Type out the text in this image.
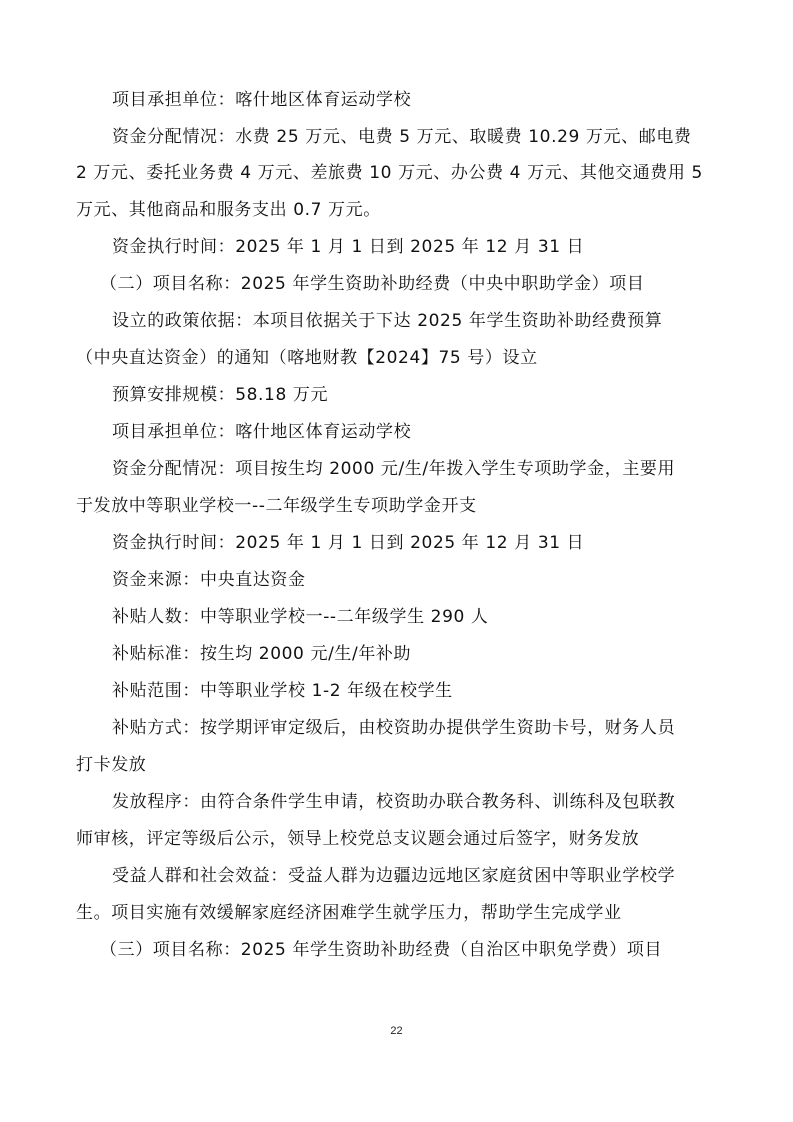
项目承担单位：喀什地区体育运动学校
资金分配情况：水费 25 万元、电费 5 万元、取暖费 10.29 万元、邮电费
2 万元、委托业务费 4 万元、差旅费 10 万元、办公费 4 万元、其他交通费用 5
万元、其他商品和服务支出 0.7 万元。
资金执行时间：2025 年 1 月 1 日到 2025 年 12 月 31 日
（二）项目名称：2025 年学生资助补助经费（中央中职助学金）项目
设立的政策依据：本项目依据关于下达 2025 年学生资助补助经费预算
（中央直达资金）的通知（喀地财教【2024】75 号）设立
预算安排规模：58.18 万元
项目承担单位：喀什地区体育运动学校
资金分配情况：项目按生均 2000 元/生/年拨入学生专项助学金，主要用
于发放中等职业学校一--二年级学生专项助学金开支
资金执行时间：2025 年 1 月 1 日到 2025 年 12 月 31 日
资金来源：中央直达资金
补贴人数：中等职业学校一--二年级学生 290 人
补贴标准：按生均 2000 元/生/年补助
补贴范围：中等职业学校 1-2 年级在校学生
补贴方式：按学期评审定级后，由校资助办提供学生资助卡号，财务人员
打卡发放
发放程序：由符合条件学生申请，校资助办联合教务科、训练科及包联教
师审核，评定等级后公示，领导上校党总支议题会通过后签字，财务发放
受益人群和社会效益：受益人群为边疆边远地区家庭贫困中等职业学校学
生。项目实施有效缓解家庭经济困难学生就学压力，帮助学生完成学业
（三）项目名称：2025 年学生资助补助经费（自治区中职免学费）项目
22
